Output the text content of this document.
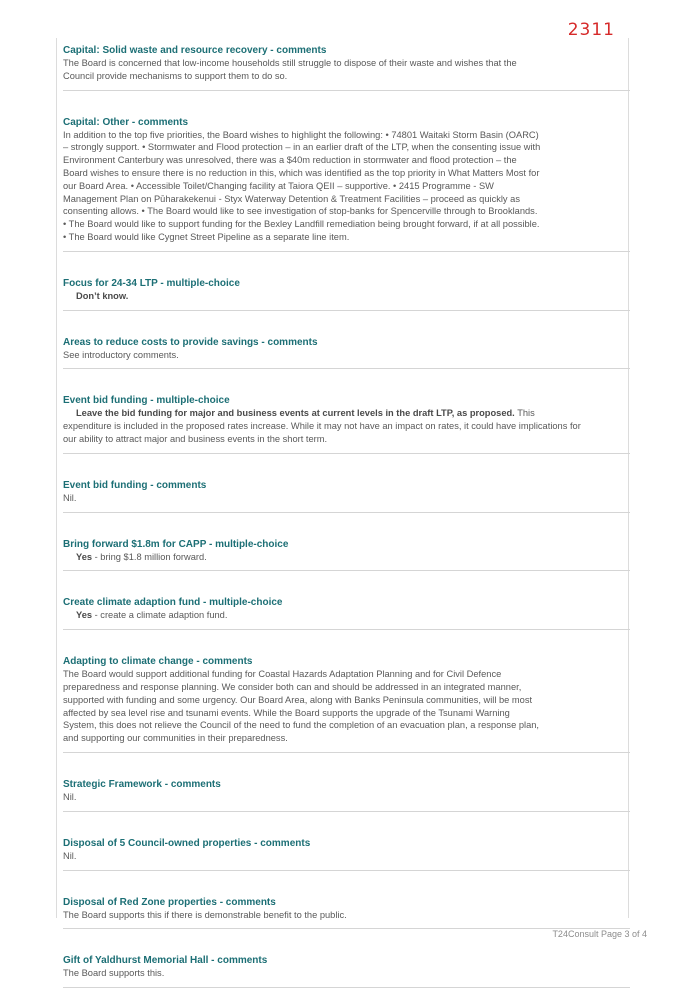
2311
Capital: Solid waste and resource recovery - comments
The Board is concerned that low-income households still struggle to dispose of their waste and wishes that the
Council provide mechanisms to support them to do so.
Capital: Other - comments
In addition to the top five priorities, the Board wishes to highlight the following: • 74801 Waitaki Storm Basin (OARC)
– strongly support. • Stormwater and Flood protection – in an earlier draft of the LTP, when the consenting issue with
Environment Canterbury was unresolved, there was a $40m reduction in stormwater and flood protection – the
Board wishes to ensure there is no reduction in this, which was identified as the top priority in What Matters Most for
our Board Area. • Accessible Toilet/Changing facility at Taiora QEII – supportive. • 2415 Programme - SW
Management Plan on Pūharakekenui - Styx Waterway Detention & Treatment Facilities – proceed as quickly as
consenting allows. • The Board would like to see investigation of stop-banks for Spencerville through to Brooklands.
• The Board would like to support funding for the Bexley Landfill remediation being brought forward, if at all possible.
• The Board would like Cygnet Street Pipeline as a separate line item.
Focus for 24-34 LTP - multiple-choice
Don’t know.
Areas to reduce costs to provide savings - comments
See introductory comments.
Event bid funding - multiple-choice
Leave the bid funding for major and business events at current levels in the draft LTP, as proposed. This
expenditure is included in the proposed rates increase. While it may not have an impact on rates, it could have implications for
our ability to attract major and business events in the short term.
Event bid funding - comments
Nil.
Bring forward $1.8m for CAPP - multiple-choice
Yes - bring $1.8 million forward.
Create climate adaption fund - multiple-choice
Yes - create a climate adaption fund.
Adapting to climate change - comments
The Board would support additional funding for Coastal Hazards Adaptation Planning and for Civil Defence
preparedness and response planning. We consider both can and should be addressed in an integrated manner,
supported with funding and some urgency. Our Board Area, along with Banks Peninsula communities, will be most
affected by sea level rise and tsunami events. While the Board supports the upgrade of the Tsunami Warning
System, this does not relieve the Council of the need to fund the completion of an evacuation plan, a response plan,
and supporting our communities in their preparedness.
Strategic Framework - comments
Nil.
Disposal of 5 Council-owned properties - comments
Nil.
Disposal of Red Zone properties - comments
The Board supports this if there is demonstrable benefit to the public.
Gift of Yaldhurst Memorial Hall - comments
The Board supports this.
T24Consult Page 3 of 4
